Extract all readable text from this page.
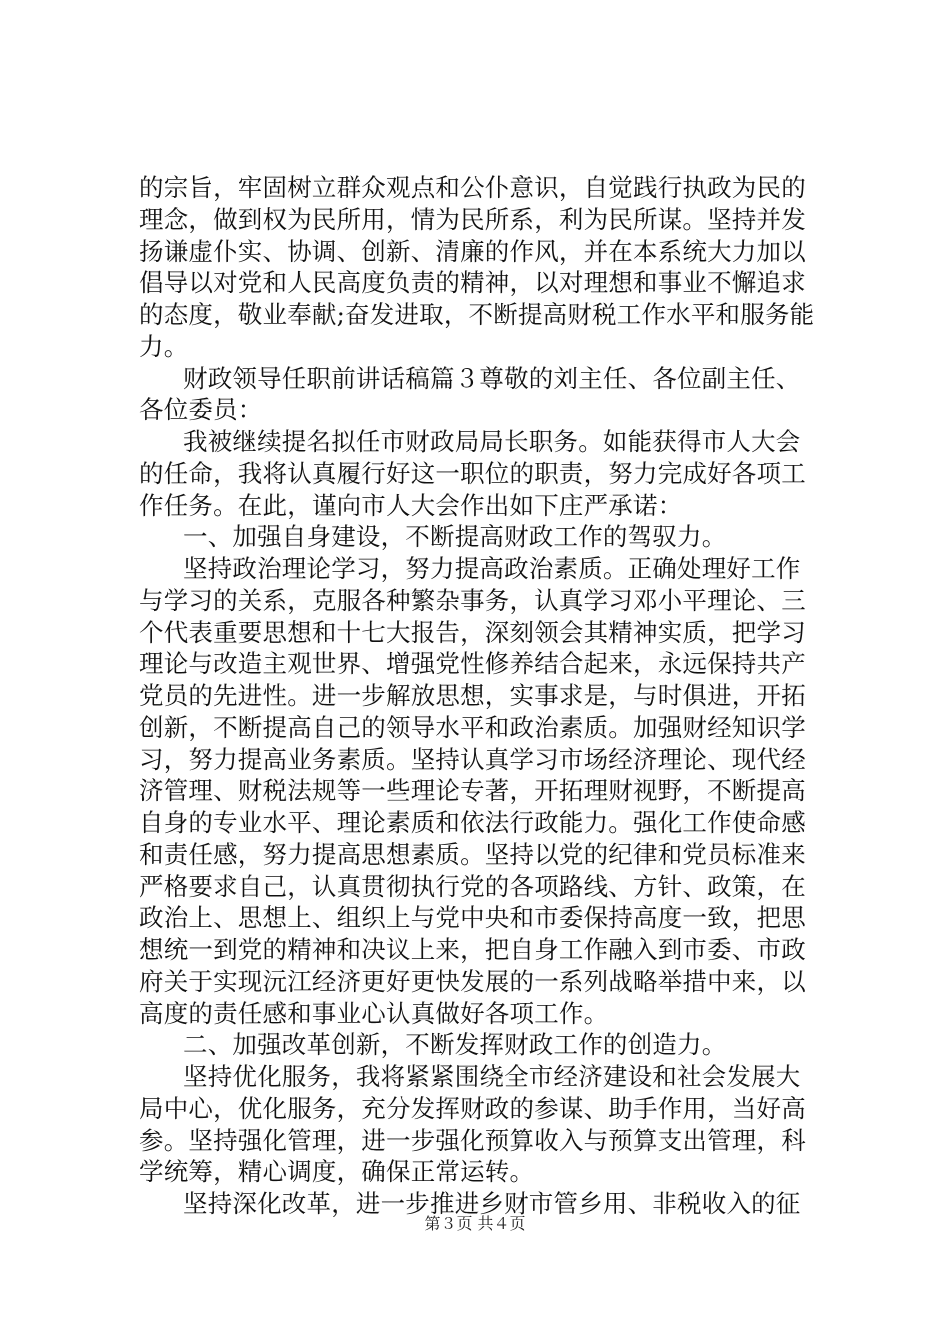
的宗旨，牢固树立群众观点和公仆意识，自觉践行执政为民的

理念，做到权为民所用，情为民所系，利为民所谋。坚持并发

扬谦虚仆实、协调、创新、清廉的作风，并在本系统大力加以

倡导以对党和人民高度负责的精神，以对理想和事业不懈追求

的态度，敬业奉献;奋发进取，不断提高财税工作水平和服务能

力。

财政领导任职前讲话稿篇３尊敬的刘主任、各位副主任、

各位委员：

我被继续提名拟任市财政局局长职务。如能获得市人大会

的任命，我将认真履行好这一职位的职责，努力完成好各项工

作任务。在此，谨向市人大会作出如下庄严承诺：

一、加强自身建设，不断提高财政工作的驾驭力。

坚持政治理论学习，努力提高政治素质。正确处理好工作

与学习的关系，克服各种繁杂事务，认真学习邓小平理论、三

个代表重要思想和十七大报告，深刻领会其精神实质，把学习

理论与改造主观世界、增强党性修养结合起来，永远保持共产

党员的先进性。进一步解放思想，实事求是，与时俱进，开拓

创新，不断提高自己的领导水平和政治素质。加强财经知识学

习，努力提高业务素质。坚持认真学习市场经济理论、现代经

济管理、财税法规等一些理论专著，开拓理财视野，不断提高

自身的专业水平、理论素质和依法行政能力。强化工作使命感

和责任感，努力提高思想素质。坚持以党的纪律和党员标准来

严格要求自己，认真贯彻执行党的各项路线、方针、政策，在

政治上、思想上、组织上与党中央和市委保持高度一致，把思

想统一到党的精神和决议上来，把自身工作融入到市委、市政

府关于实现沅江经济更好更快发展的一系列战略举措中来，以

高度的责任感和事业心认真做好各项工作。

二、加强改革创新，不断发挥财政工作的创造力。

坚持优化服务，我将紧紧围绕全市经济建设和社会发展大

局中心，优化服务，充分发挥财政的参谋、助手作用，当好高

参。坚持强化管理，进一步强化预算收入与预算支出管理，科

学统筹，精心调度，确保正常运转。

坚持深化改革，进一步推进乡财市管乡用、非税收入的征

第３页 共４页
